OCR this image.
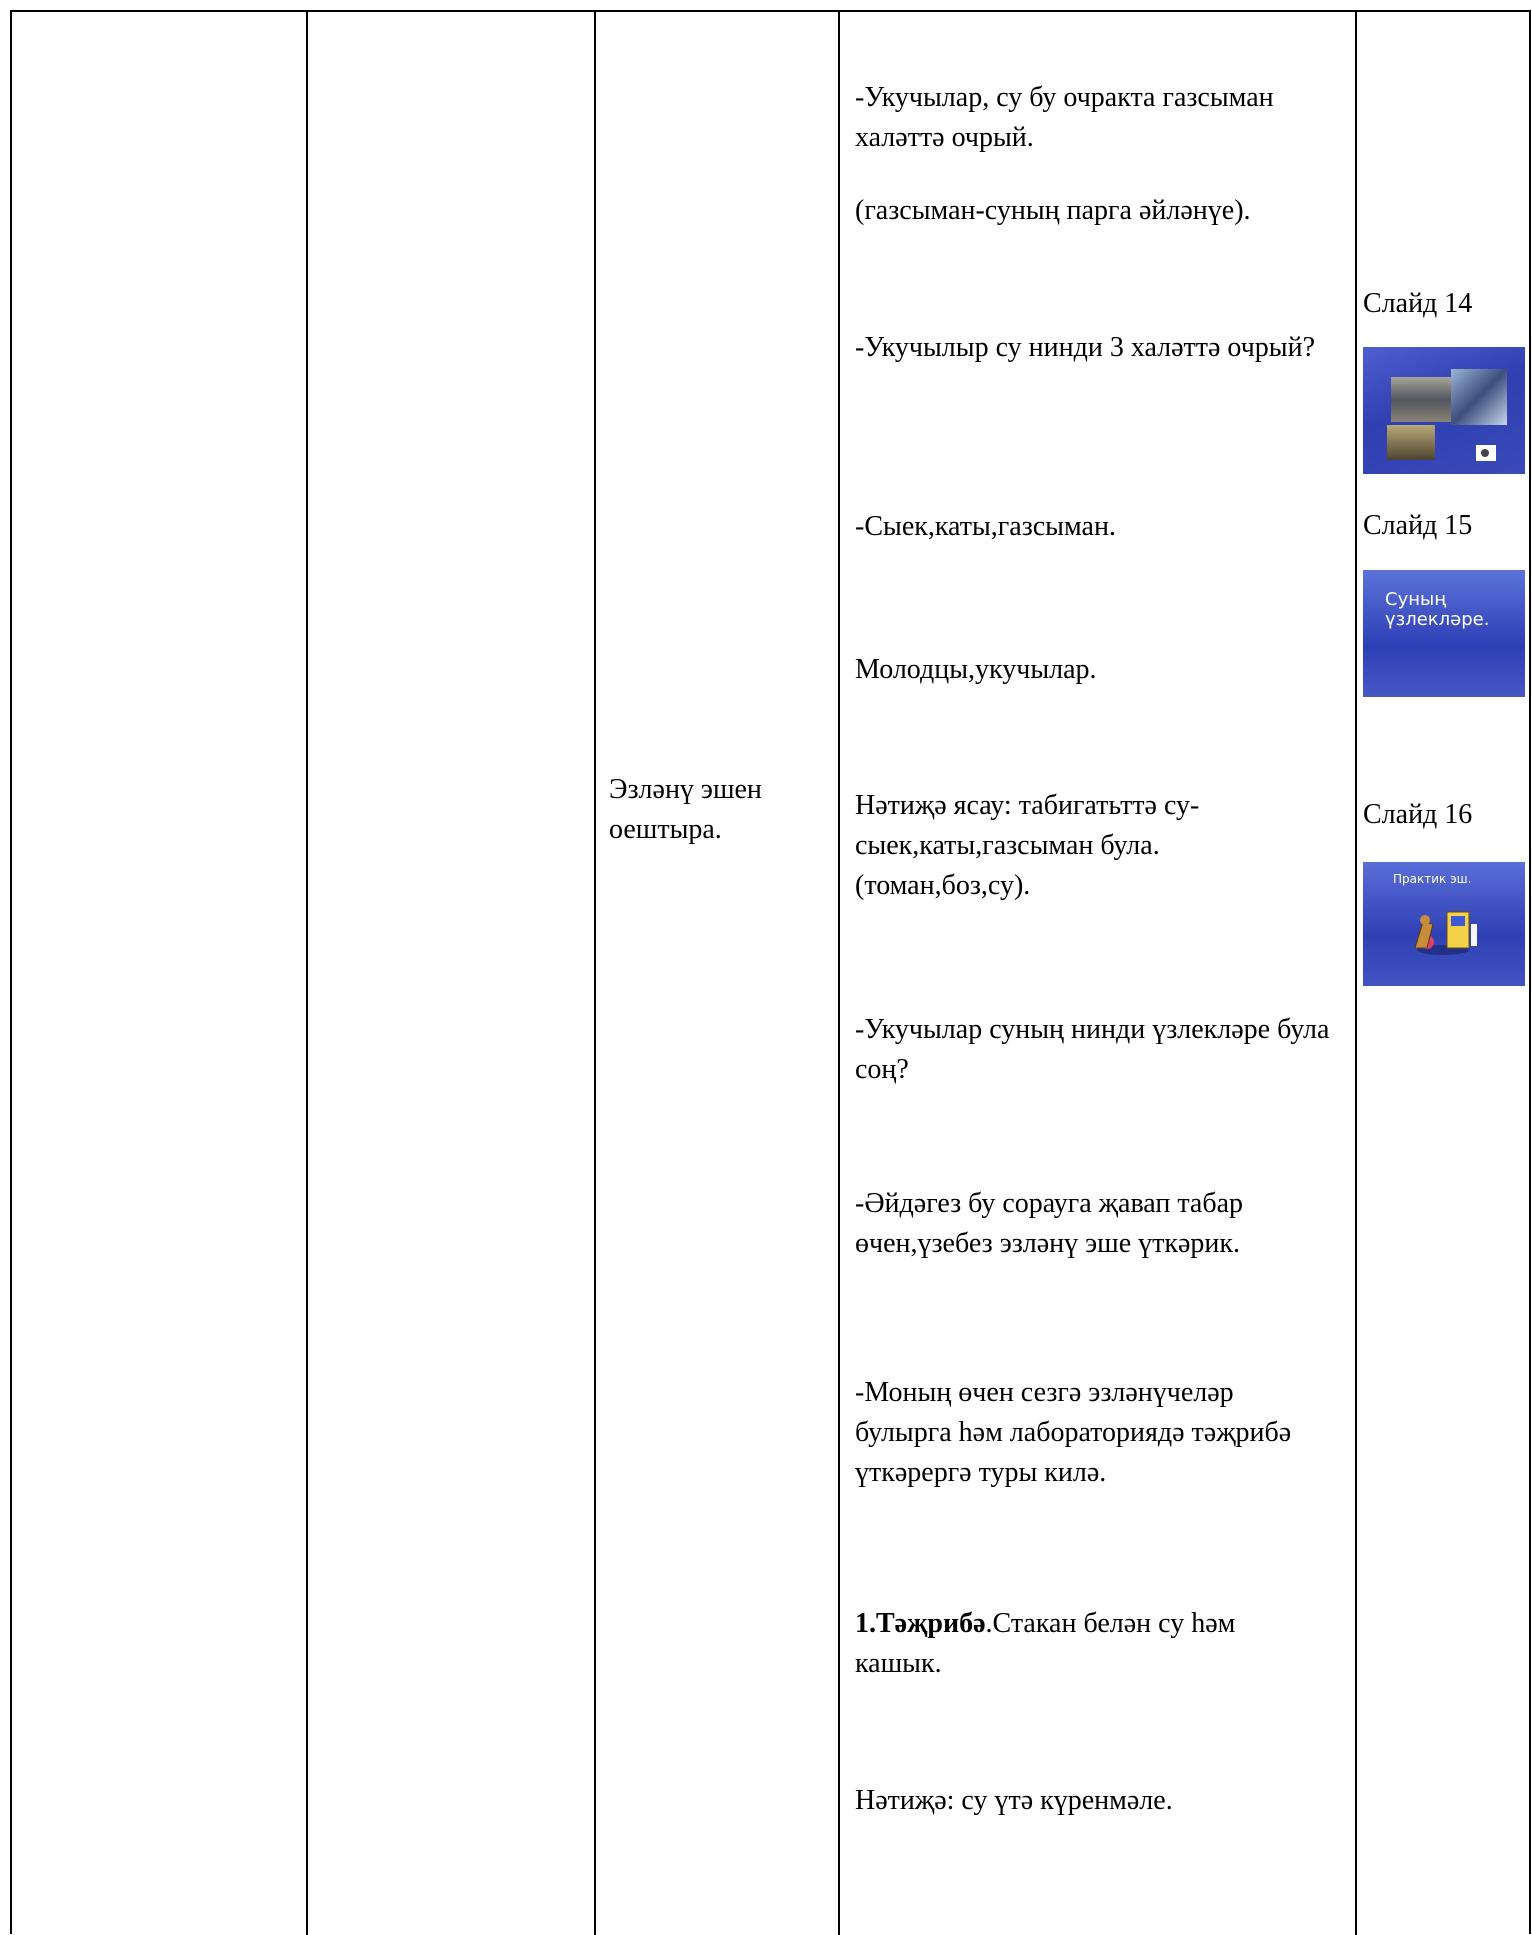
Эзләнү эшен оештыра.
-Укучылар, су бу очракта газсыман халәттә очрый.
(газсыман-суның парга әйләнүе).
-Укучылыр су нинди 3 халәттә очрый?
-Сыек,каты,газсыман.
Молодцы,укучылар.
Нәтиҗә ясау: табигатьттә су-сыек,каты,газсыман була.(томан,боз,су).
-Укучылар суның нинди үзлекләре була соң?
-Әйдәгез бу сорауга җавап табар өчен,үзебез эзләнү эше үткәрик.
-Моның өчен сезгә эзләнүчеләр булырга һәм лабораториядә тәҗрибә үткәрергә туры килә.
1.Тәҗрибә.Стакан белән су һәм кашык.
Нәтиҗә: су үтә күренмәле.
Слайд 14
Слайд 15
Суның үзлекләре.
Слайд 16
Практик эш.
